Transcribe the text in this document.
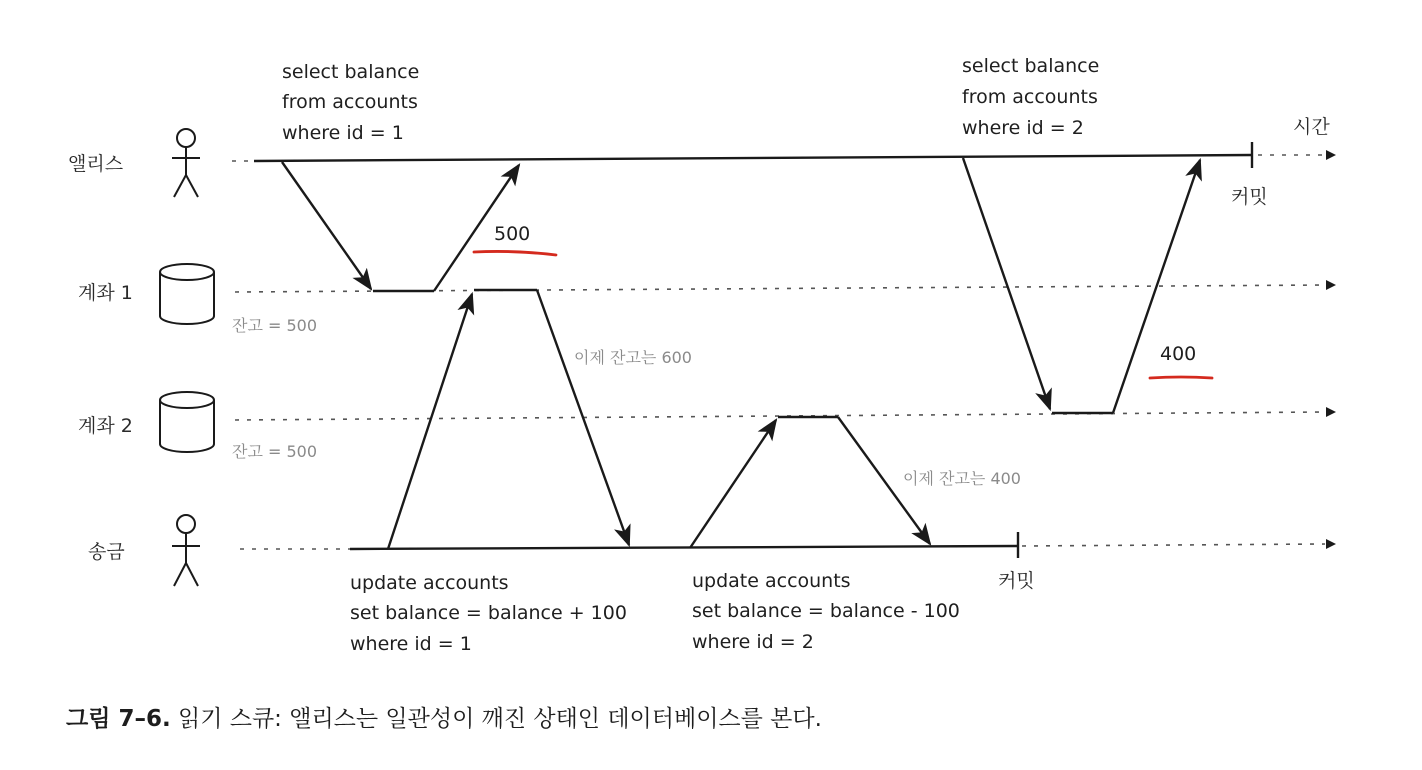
앨리스
계좌 1
계좌 2
송금
시간
커밋
커밋
select balance
from accounts
where id = 1
select balance
from accounts
where id = 2
500
400
잔고 = 500
잔고 = 500
이제 잔고는 600
이제 잔고는 400
update accounts
set balance = balance + 100
where id = 1
update accounts
set balance = balance - 100
where id = 2
그림 7–6. 읽기 스큐: 앨리스는 일관성이 깨진 상태인 데이터베이스를 본다.
